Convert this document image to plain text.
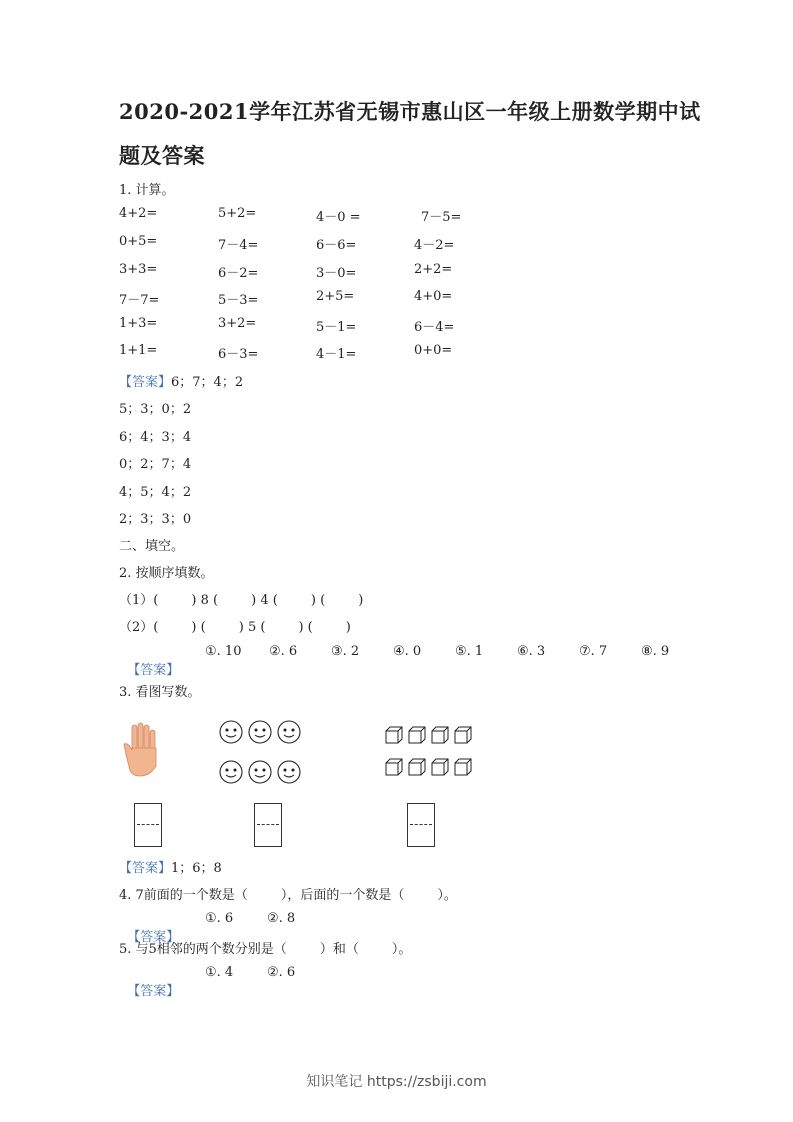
2020-2021学年江苏省无锡市惠山区一年级上册数学期中试
题及答案
1. 计算。
4+2=	5+2=	4－0 =	7－5=
0+5=	7－4=	6－6=	4－2=
3+3=	6－2=	3－0=	2+2=
7－7=	5－3=	2+5=	4+0=
1+3=	3+2=	5－1=	6－4=
1+1=	6－3=	4－1=	0+0=
【答案】6；7；4；2
5；3；0；2
6；4；3；4
0；2；7；4
4；5；4；2
2；3；3；0
二、填空。
2. 按顺序填数。
（1）(        ) 8 (        ) 4 (        ) (        )
（2）(        ) (        ) 5 (        ) (        )

【答案】

①. 10 ②. 6	③. 2	④. 0	⑤. 1	⑥. 3	⑦. 7	⑧. 9
3. 看图写数。
【答案】1；6；8
4. 7前面的一个数是（        ），后面的一个数是（        ）。

【答案】

①. 6	②. 8
5. 与5相邻的两个数分别是（        ）和（        ）。

【答案】

①. 4	②. 6
知识笔记 https://zsbiji.com
